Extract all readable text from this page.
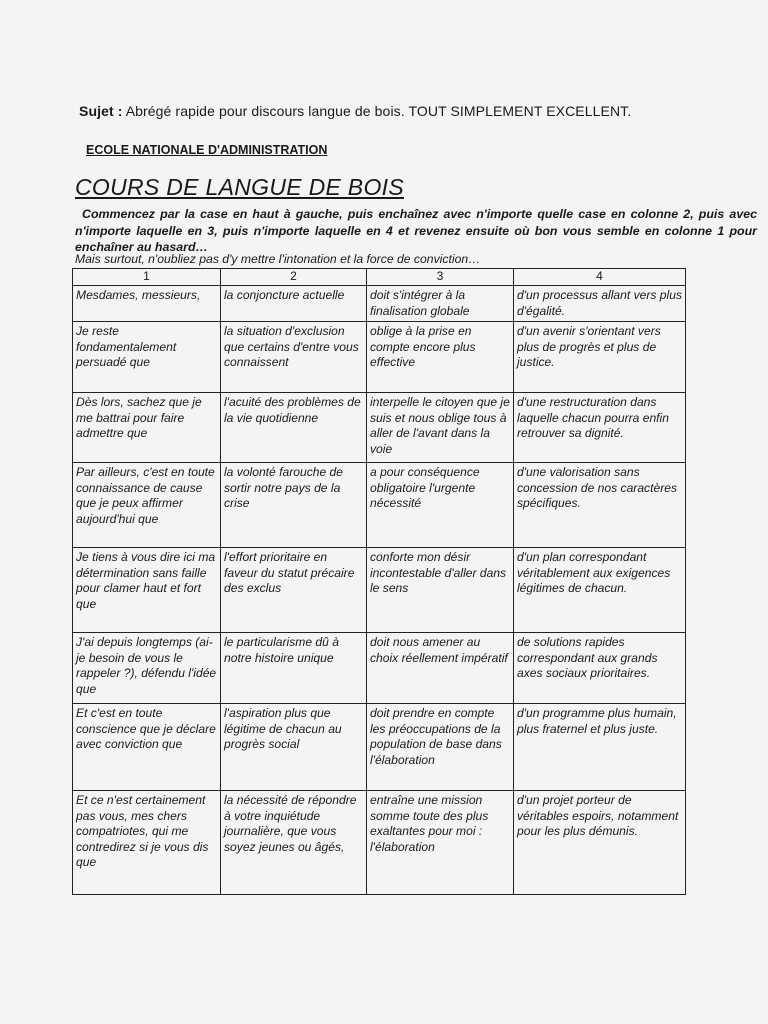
Sujet : Abrégé rapide pour discours langue de bois. TOUT SIMPLEMENT EXCELLENT.
ECOLE NATIONALE D'ADMINISTRATION
COURS DE LANGUE DE BOIS
Commencez par la case en haut à gauche, puis enchaînez avec n'importe quelle case en colonne 2, puis avec n'importe laquelle en 3, puis n'importe laquelle en 4 et revenez ensuite où bon vous semble en colonne 1 pour enchaîner au hasard…
Mais surtout, n'oubliez pas d'y mettre l'intonation et la force de conviction…
1	2	3	4
Mesdames, messieurs,	la conjoncture actuelle	doit s'intégrer à la finalisation globale	d'un processus allant vers plus d'égalité.
Je reste fondamentalement persuadé que	la situation d'exclusion que certains d'entre vous connaissent	oblige à la prise en compte encore plus effective	d'un avenir s'orientant vers plus de progrès et plus de justice.
Dès lors, sachez que je me battrai pour faire admettre que	l'acuité des problèmes de la vie quotidienne	interpelle le citoyen que je suis et nous oblige tous à aller de l'avant dans la voie	d'une restructuration dans laquelle chacun pourra enfin retrouver sa dignité.
Par ailleurs, c'est en toute connaissance de cause que je peux affirmer aujourd'hui que	la volonté farouche de sortir notre pays de la crise	a pour conséquence obligatoire l'urgente nécessité	d'une valorisation sans concession de nos caractères spécifiques.
Je tiens à vous dire ici ma détermination sans faille pour clamer haut et fort que	l'effort prioritaire en faveur du statut précaire des exclus	conforte mon désir incontestable d'aller dans le sens	d'un plan correspondant véritablement aux exigences légitimes de chacun.
J'ai depuis longtemps (ai-je besoin de vous le rappeler ?), défendu l'idée que	le particularisme dû à notre histoire unique	doit nous amener au choix réellement impératif	de solutions rapides correspondant aux grands axes sociaux prioritaires.
Et c'est en toute conscience que je déclare avec conviction que	l'aspiration plus que légitime de chacun au progrès social	doit prendre en compte les préoccupations de la population de base dans l'élaboration	d'un programme plus humain, plus fraternel et plus juste.
Et ce n'est certainement pas vous, mes chers compatriotes, qui me contredirez si je vous dis que	la nécessité de répondre à votre inquiétude journalière, que vous soyez jeunes ou âgés,	entraîne une mission somme toute des plus exaltantes pour moi : l'élaboration	d'un projet porteur de véritables espoirs, notamment pour les plus démunis.
